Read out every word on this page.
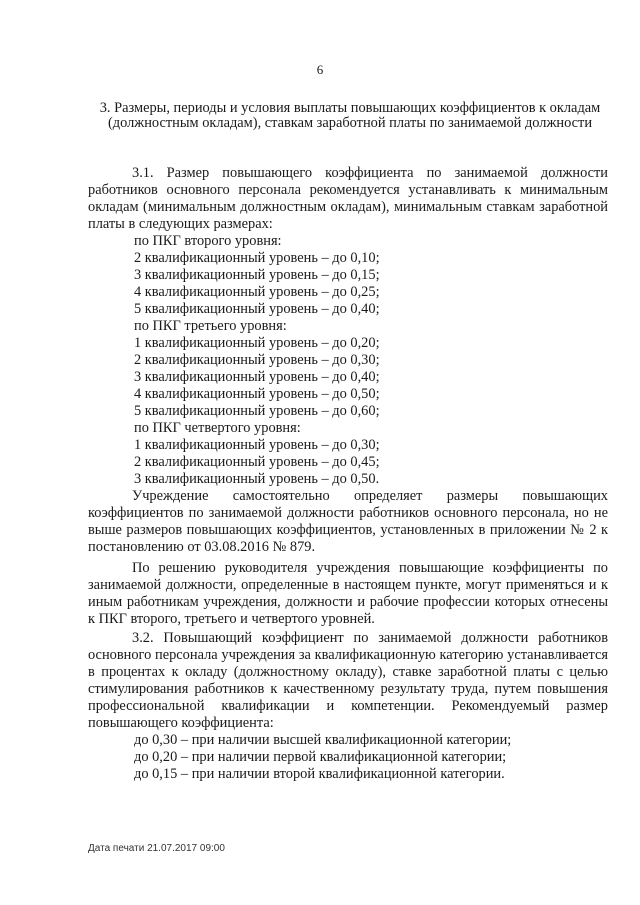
6
3. Размеры, периоды и условия выплаты повышающих коэффициентов к окладам (должностным окладам), ставкам заработной платы по занимаемой должности

3.1. Размер повышающего коэффициента по занимаемой должности работников основного персонала рекомендуется устанавливать к минимальным окладам (минимальным должностным окладам), минимальным ставкам заработной платы в следующих размерах:

по ПКГ второго уровня:

2 квалификационный уровень – до 0,10;

3 квалификационный уровень – до 0,15;

4 квалификационный уровень – до 0,25;

5 квалификационный уровень – до 0,40;

по ПКГ третьего уровня:

1 квалификационный уровень – до 0,20;

2 квалификационный уровень – до 0,30;

3 квалификационный уровень – до 0,40;

4 квалификационный уровень – до 0,50;

5 квалификационный уровень – до 0,60;

по ПКГ четвертого уровня:

1 квалификационный уровень – до 0,30;

2 квалификационный уровень – до 0,45;

3 квалификационный уровень – до 0,50.

Учреждение самостоятельно определяет размеры повышающих коэффициентов по занимаемой должности работников основного персонала, но не выше размеров повышающих коэффициентов, установленных в приложении № 2 к постановлению от 03.08.2016 № 879.

По решению руководителя учреждения повышающие коэффициенты по занимаемой должности, определенные в настоящем пункте, могут применяться и к иным работникам учреждения, должности и рабочие профессии которых отнесены к ПКГ второго, третьего и четвертого уровней.

3.2. Повышающий коэффициент по занимаемой должности работников основного персонала учреждения за квалификационную категорию устанавливается в процентах к окладу (должностному окладу), ставке заработной платы с целью стимулирования работников к качественному результату труда, путем повышения профессиональной квалификации и компетенции. Рекомендуемый размер повышающего коэффициента:

до 0,30 – при наличии высшей квалификационной категории;

до 0,20 – при наличии первой квалификационной категории;

до 0,15 – при наличии второй квалификационной категории.

Дата печати 21.07.2017 09:00
